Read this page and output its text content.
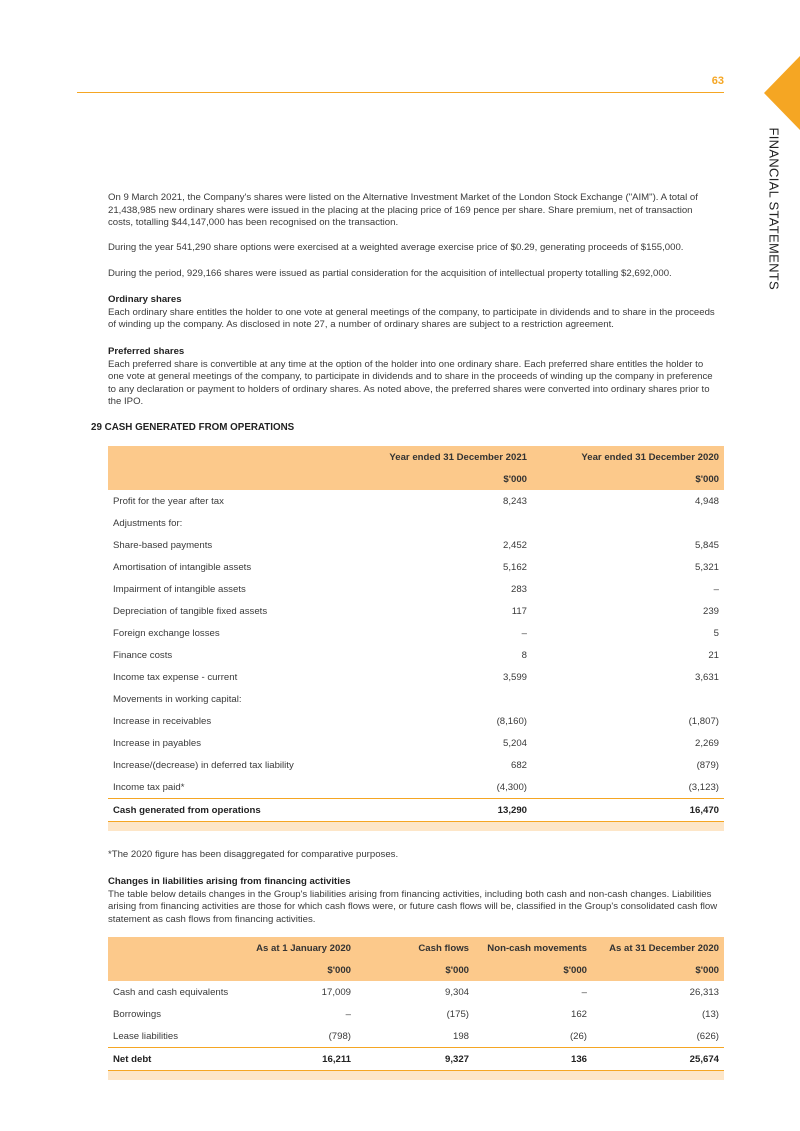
63
FINANCIAL STATEMENTS

On 9 March 2021, the Company's shares were listed on the Alternative Investment Market of the London Stock Exchange ("AIM"). A total of 21,438,985 new ordinary shares were issued in the placing at the placing price of 169 pence per share. Share premium, net of transaction costs, totalling $44,147,000 has been recognised on the transaction.

During the year 541,290 share options were exercised at a weighted average exercise price of $0.29, generating proceeds of $155,000.

During the period, 929,166 shares were issued as partial consideration for the acquisition of intellectual property totalling $2,692,000.

Ordinary shares

Each ordinary share entitles the holder to one vote at general meetings of the company, to participate in dividends and to share in the proceeds of winding up the company. As disclosed in note 27, a number of ordinary shares are subject to a restriction agreement.

Preferred shares

Each preferred share is convertible at any time at the option of the holder into one ordinary share. Each preferred share entitles the holder to one vote at general meetings of the company, to participate in dividends and to share in the proceeds of winding up the company in preference to any declaration or payment to holders of ordinary shares. As noted above, the preferred shares were converted into ordinary shares prior to the IPO.

29 CASH GENERATED FROM OPERATIONS
	Year ended 31 December 2021	Year ended 31 December 2020
	$'000	$'000
Profit for the year after tax	8,243	4,948
Adjustments for:		
Share-based payments	2,452	5,845
Amortisation of intangible assets	5,162	5,321
Impairment of intangible assets	283	–
Depreciation of tangible fixed assets	117	239
Foreign exchange losses	–	5
Finance costs	8	21
Income tax expense - current	3,599	3,631
Movements in working capital:		
Increase in receivables	(8,160)	(1,807)
Increase in payables	5,204	2,269
Increase/(decrease) in deferred tax liability	682	(879)
Income tax paid*	(4,300)	(3,123)
Cash generated from operations	13,290	16,470

*The 2020 figure has been disaggregated for comparative purposes.

Changes in liabilities arising from financing activities

The table below details changes in the Group's liabilities arising from financing activities, including both cash and non-cash changes. Liabilities arising from financing activities are those for which cash flows were, or future cash flows will be, classified in the Group's consolidated cash flow statement as cash flows from financing activities.

	As at 1 January 2020	Cash flows	Non-cash movements	As at 31 December 2020
	$'000	$'000	$'000	$'000
Cash and cash equivalents	17,009	9,304	–	26,313
Borrowings	–	(175)	162	(13)
Lease liabilities	(798)	198	(26)	(626)
Net debt	16,211	9,327	136	25,674
